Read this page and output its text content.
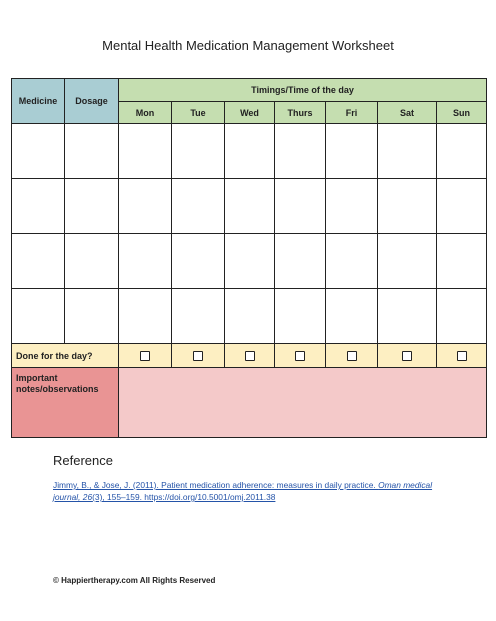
Mental Health Medication Management Worksheet
Medicine	Dosage	Timings/Time of the day						
		Mon	Tue	Wed	Thurs	Fri	Sat	Sun

Done for the day?								
Important notes/observations								
Reference
Jimmy, B., & Jose, J. (2011). Patient medication adherence: measures in daily practice. Oman medical journal, 26(3), 155–159. https://doi.org/10.5001/omj.2011.38
© Happiertherapy.com All Rights Reserved
